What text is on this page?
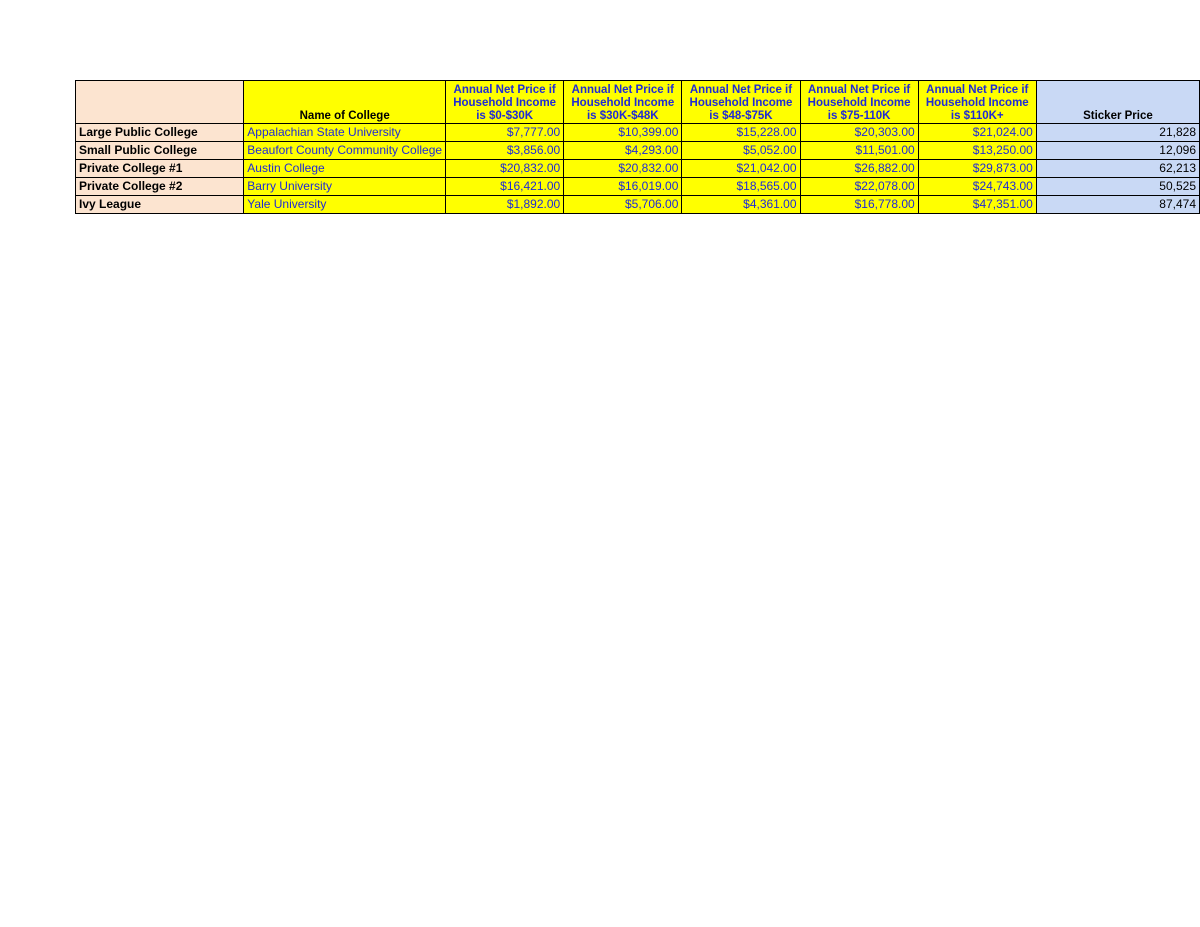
	Name of College	Annual Net Price if Household Income is $0-$30K	Annual Net Price if Household Income is $30K-$48K	Annual Net Price if Household Income is $48-$75K	Annual Net Price if Household Income is $75-110K	Annual Net Price if Household Income is $110K+	Sticker Price
Large Public College	Appalachian State University	$7,777.00	$10,399.00	$15,228.00	$20,303.00	$21,024.00	21,828
Small Public College	Beaufort County Community College	$3,856.00	$4,293.00	$5,052.00	$11,501.00	$13,250.00	12,096
Private College #1	Austin College	$20,832.00	$20,832.00	$21,042.00	$26,882.00	$29,873.00	62,213
Private College #2	Barry University	$16,421.00	$16,019.00	$18,565.00	$22,078.00	$24,743.00	50,525
Ivy League	Yale University	$1,892.00	$5,706.00	$4,361.00	$16,778.00	$47,351.00	87,474
